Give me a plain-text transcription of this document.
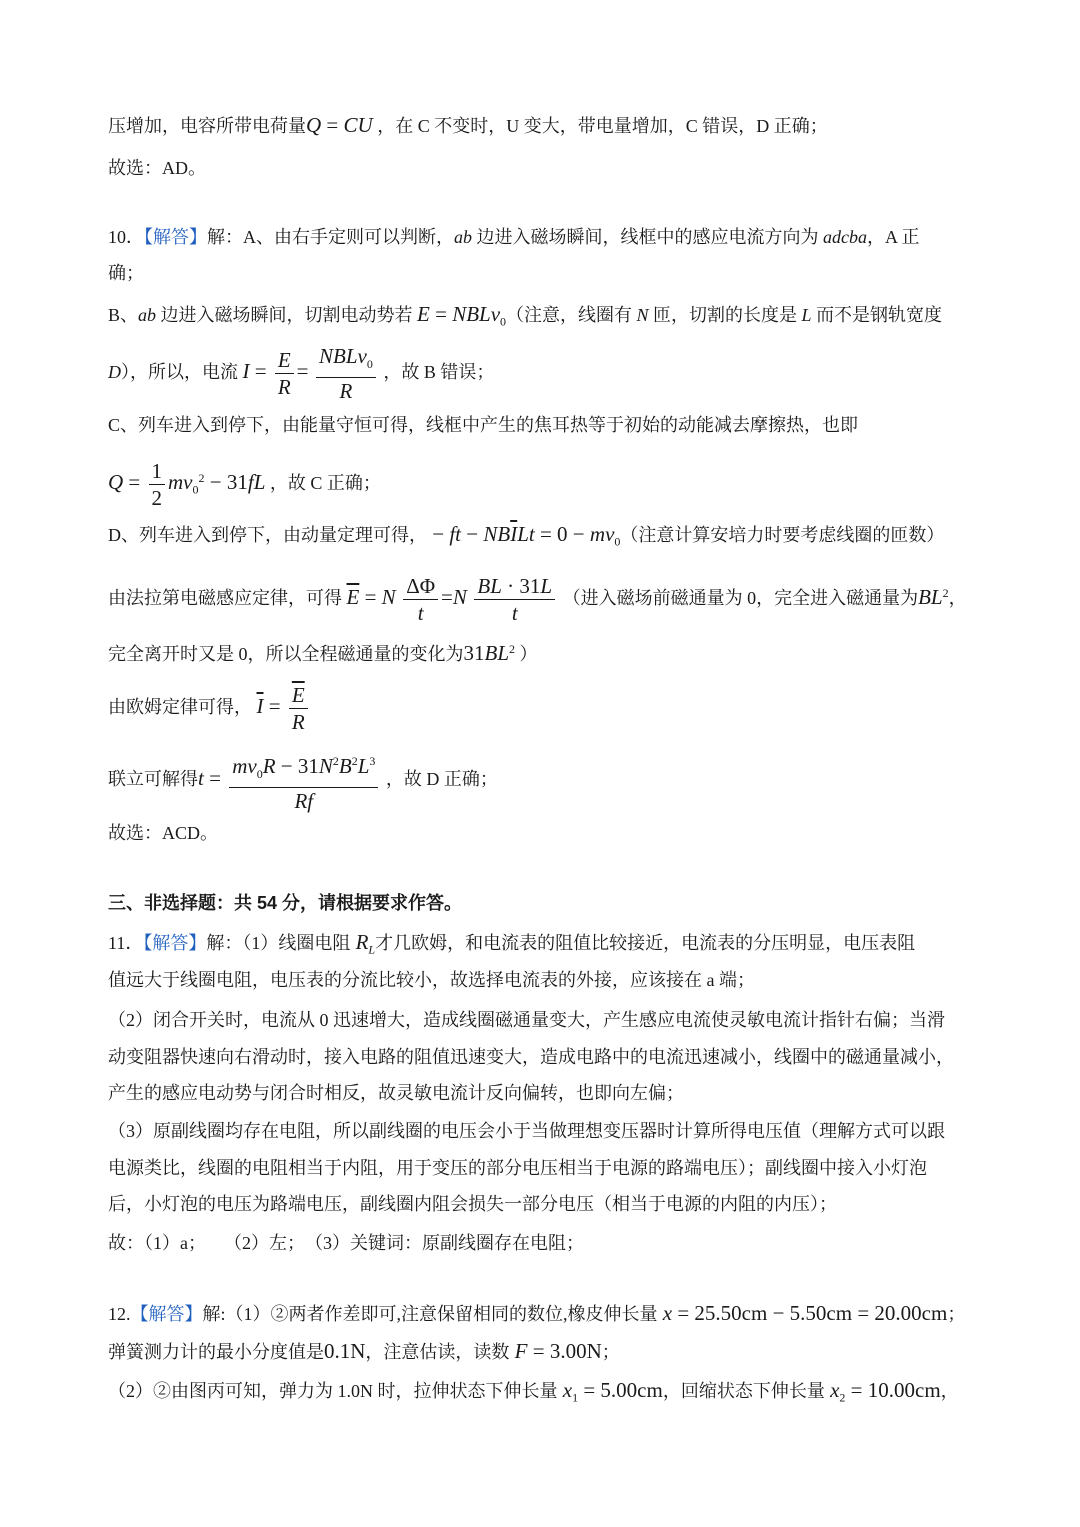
压增加，电容所带电荷量Q = CU ，在 C 不变时，U 变大，带电量增加，C 错误，D 正确；
故选：AD。
10．【解答】解：A、由右手定则可以判断，ab 边进入磁场瞬间，线框中的感应电流方向为 adcba，A 正
确；
B、ab 边进入磁场瞬间，切割电动势若 E = NBLv$_0$（注意，线圈有 N 匝，切割的长度是 L 而不是钢轨宽度
D），所以，电流 $I = \frac{E}{R} = \frac{NBLv_0}{R}$ ，故 B 错误；
C、列车进入到停下，由能量守恒可得，线框中产生的焦耳热等于初始的动能减去摩擦热，也即
$Q = \frac{1}{2} mv_0^2 - 31fL$ ，故 C 正确；
D、列车进入到停下，由动量定理可得， − ft − $NB\overline{I}Lt = 0 - mv_0$（注意计算安培力时要考虑线圈的匝数）
由法拉第电磁感应定律，可得 $\overline{E} = N \frac{\Delta\Phi}{t} =N \frac{BL \cdot 31L}{t}$ （进入磁场前磁通量为 0，完全进入磁通量为$BL^2$，
完全离开时又是 0，所以全程磁通量的变化为$31BL^2$ ）
由欧姆定律可得， $\overline{I} = \frac{\overline{E}}{R}$
联立可解得$t = \frac{mv_0R - 31N^2B^2L^3}{Rf}$ ，故 D 正确；
故选：ACD。
三、非选择题：共 54 分，请根据要求作答。
11．【解答】解：（1）线圈电阻 $R_L$才几欧姆，和电流表的阻值比较接近，电流表的分压明显，电压表阻
值远大于线圈电阻，电压表的分流比较小，故选择电流表的外接，应该接在 a 端；
（2）闭合开关时，电流从 0 迅速增大，造成线圈磁通量变大，产生感应电流使灵敏电流计指针右偏；当滑
动变阻器快速向右滑动时，接入电路的阻值迅速变大，造成电路中的电流迅速减小，线圈中的磁通量减小，
产生的感应电动势与闭合时相反，故灵敏电流计反向偏转，也即向左偏；
（3）原副线圈均存在电阻，所以副线圈的电压会小于当做理想变压器时计算所得电压值（理解方式可以跟
电源类比，线圈的电阻相当于内阻，用于变压的部分电压相当于电源的路端电压）；副线圈中接入小灯泡
后，小灯泡的电压为路端电压，副线圈内阻会损失一部分电压（相当于电源的内阻的内压）；
故：（1）a；　　（2）左；　（3）关键词：原副线圈存在电阻；
12.【解答】解:（1）②两者作差即可,注意保留相同的数位,橡皮伸长量 x = 25.50cm − 5.50cm = 20.00cm；
弹簧测力计的最小分度值是0.1N，注意估读，读数 F = 3.00N；
（2）②由图丙可知，弹力为 1.0N 时，拉伸状态下伸长量 $x_1 = 5.00cm$，回缩状态下伸长量 $x_2 = 10.00cm$，
